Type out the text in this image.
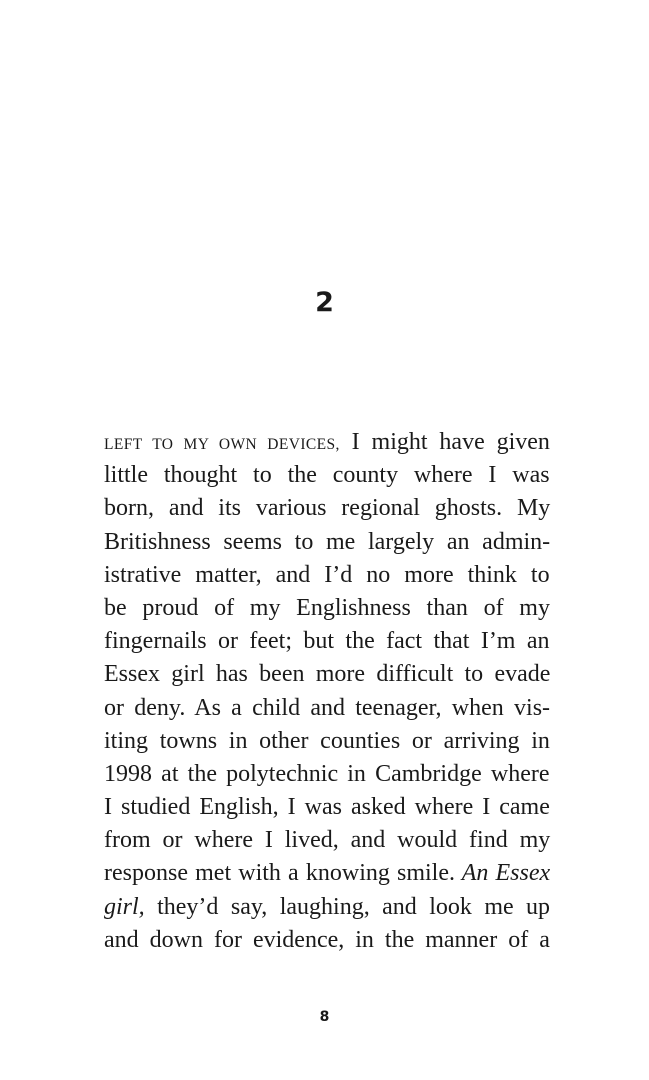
2
LEFT TO MY OWN DEVICES, I might have given
little thought to the county where I was
born, and its various regional ghosts. My
Britishness seems to me largely an admin-
istrative matter, and I’d no more think to
be proud of my Englishness than of my
fingernails or feet; but the fact that I’m an
Essex girl has been more difficult to evade
or deny. As a child and teenager, when vis-
iting towns in other counties or arriving in
1998 at the polytechnic in Cambridge where
I studied English, I was asked where I came
from or where I lived, and would find my
response met with a knowing smile. An Essex
girl, they’d say, laughing, and look me up
and down for evidence, in the manner of a
8
